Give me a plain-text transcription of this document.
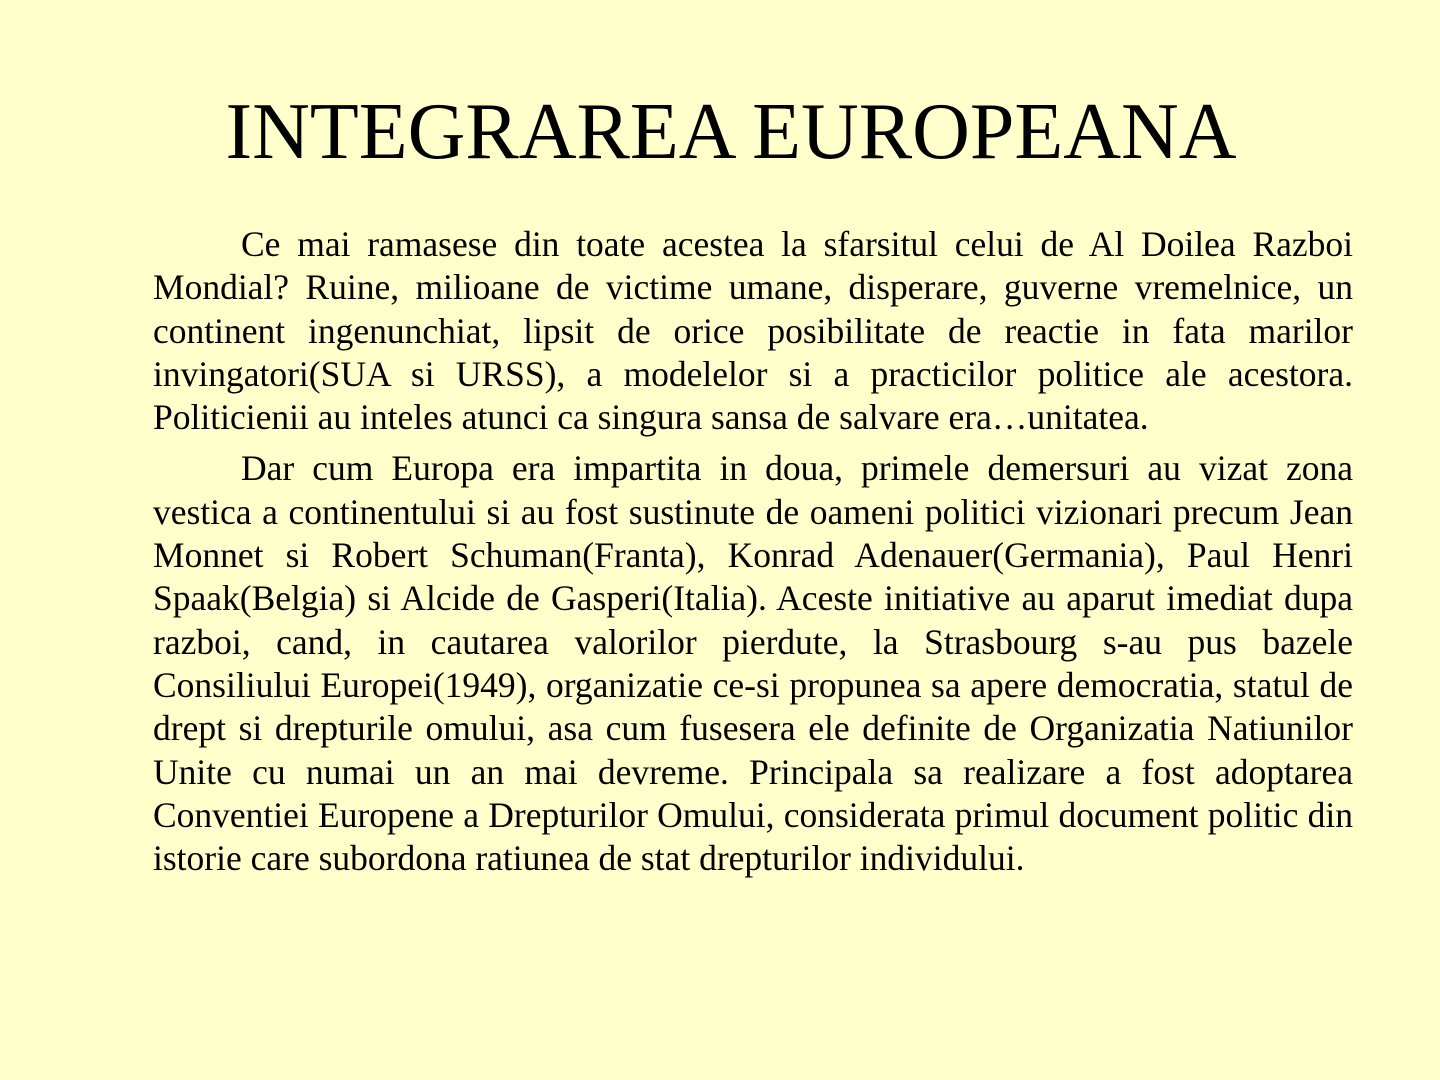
INTEGRAREA EUROPEANA

Ce mai ramasese din toate acestea la sfarsitul celui de Al Doilea Razboi Mondial? Ruine, milioane de victime umane, disperare, guverne vremelnice, un continent ingenunchiat, lipsit de orice posibilitate de reactie in fata marilor invingatori(SUA si URSS), a modelelor si a practicilor politice ale acestora. Politicienii au inteles atunci ca singura sansa de salvare era…unitatea.

Dar cum Europa era impartita in doua, primele demersuri au vizat zona vestica a continentului si au fost sustinute de oameni politici vizionari precum Jean Monnet si Robert Schuman(Franta), Konrad Adenauer(Germania), Paul Henri Spaak(Belgia) si Alcide de Gasperi(Italia). Aceste initiative au aparut imediat dupa razboi, cand, in cautarea valorilor pierdute, la Strasbourg s-au pus bazele Consiliului Europei(1949), organizatie ce-si propunea sa apere democratia, statul de drept si drepturile omului, asa cum fusesera ele definite de Organizatia Natiunilor Unite cu numai un an mai devreme. Principala sa realizare a fost adoptarea Conventiei Europene a Drepturilor Omului, considerata primul document politic din istorie care subordona ratiunea de stat drepturilor individului.
